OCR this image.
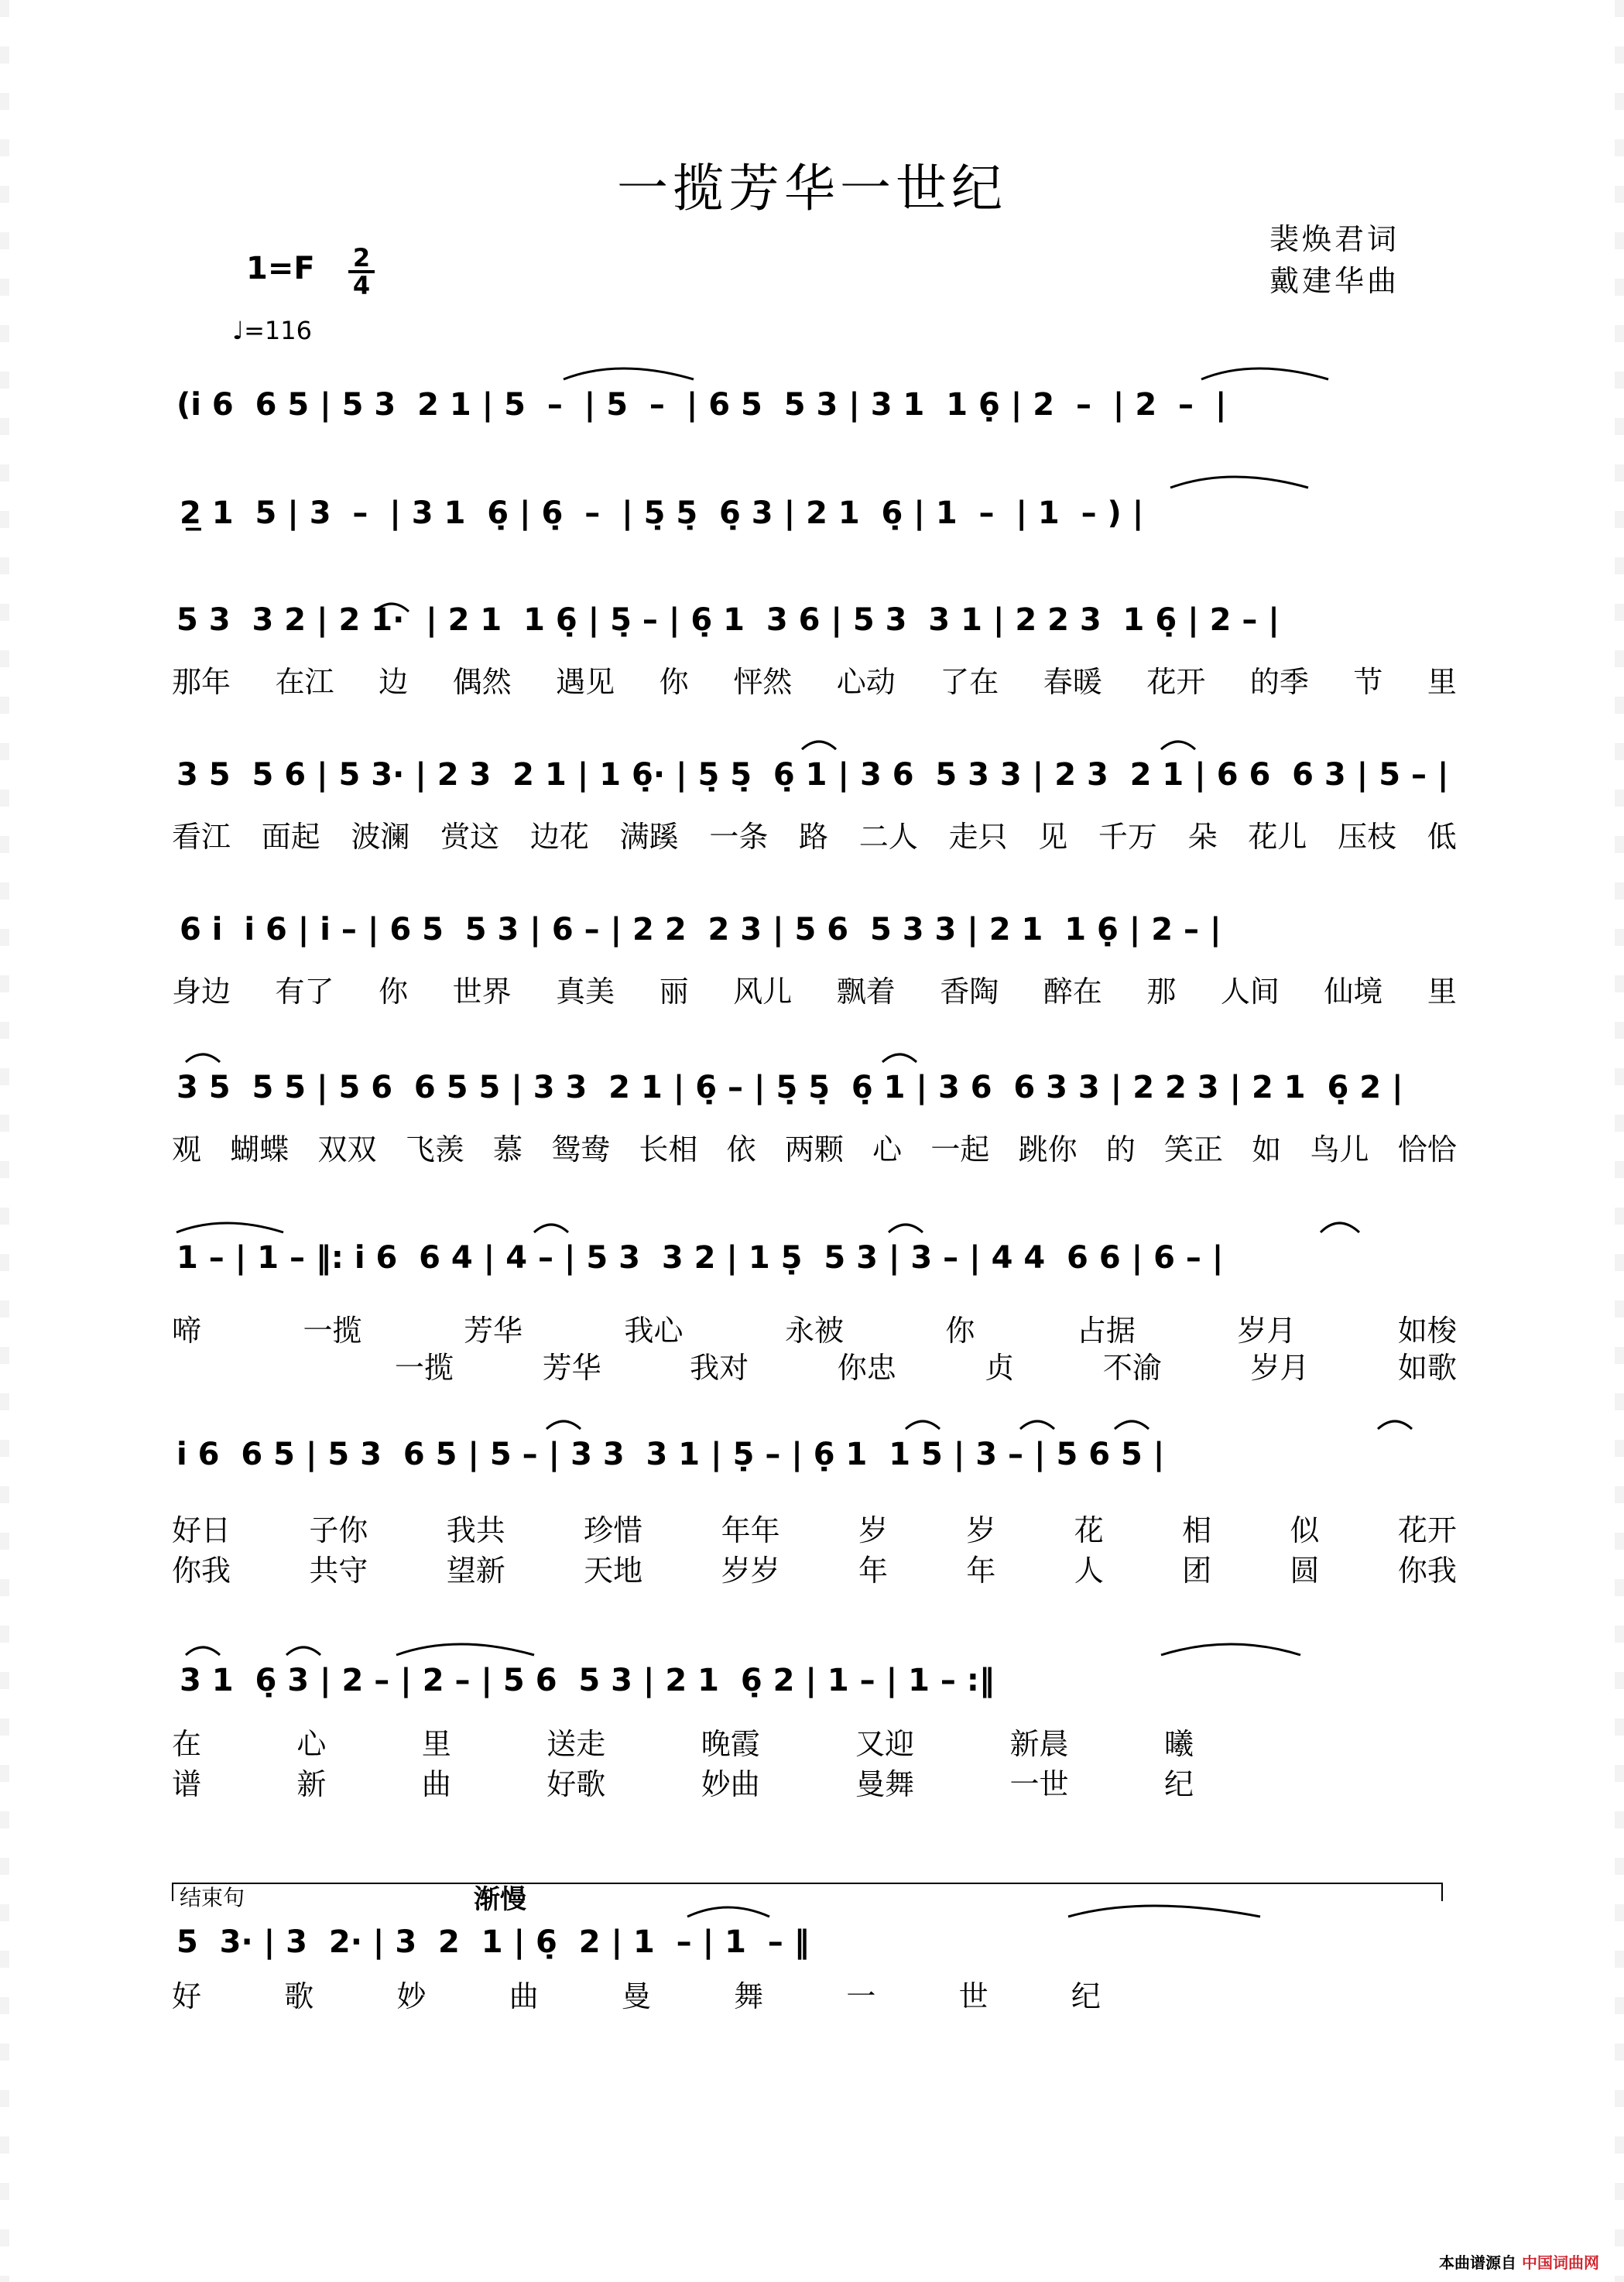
一揽芳华一世纪
裴焕君词
戴建华曲
1=F 2
4
♩=116
(i̇ 6  6 5 | 5 3  2 1 | 5  –  | 5  –  | 6 5  5 3 | 3 1  1 6̣ | 2  –  | 2  –  |
2̲ 1  5 | 3  –  | 3 1  6̣ | 6̣  –  | 5̣ 5̣  6̣ 3 | 2 1  6̣ | 1  –  | 1  – ) |
5 3  3 2 | 2 1·  | 2 1  1 6̣ | 5̣ – | 6̣ 1  3 6 | 5 3  3 1 | 2 2 3  1 6̣ | 2 – |
那年 在江 边 偶然 遇见 你 怦然 心动 了在 春暖 花开 的季 节 里
3 5  5 6 | 5 3· | 2 3  2 1 | 1 6̣· | 5̣ 5̣  6̣ 1 | 3 6  5 3 3 | 2 3  2 1 | 6 6  6 3 | 5 – |
看江 面起 波澜 赏这 边花 满蹊 一条 路 二人 走只 见 千万 朵 花儿 压枝 低
6 i̇  i̇ 6 | i̇ – | 6 5  5 3 | 6 – | 2 2  2 3 | 5 6  5 3 3 | 2 1  1 6̣ | 2 – |
身边 有了 你 世界 真美 丽 风儿 飘着 香陶 醉在 那 人间 仙境 里
3 5  5 5 | 5 6  6 5 5 | 3 3  2 1 | 6̣ – | 5̣ 5̣  6̣ 1 | 3 6  6 3 3 | 2 2 3 | 2 1  6̣ 2 |
观 蝴蝶 双双 飞羡 慕 鸳鸯 长相 依 两颗 心 一起 跳你 的 笑正 如 鸟儿 恰恰
1 – | 1 – ‖: i̇ 6  6 4 | 4 – | 5 3  3 2 | 1 5̣  5 3 | 3 – | 4 4  6 6 | 6 – |
啼	一揽	芳华	我心	永被	你	占据	岁月	如梭
一揽	芳华	我对	你忠	贞	不渝	岁月	如歌
i̇ 6  6 5 | 5 3  6 5 | 5 – | 3 3  3 1 | 5̣ – | 6̣ 1  1 5 | 3 – | 5 6 5 |
好日	子你	我共	珍惜	年年	岁	岁	花	相	似	花开
你我	共守	望新	天地	岁岁	年	年	人	团	圆	你我
3 1  6̣ 3 | 2 – | 2 – | 5 6  5 3 | 2 1  6̣ 2 | 1 – | 1 – :‖
在	心	里	送走	晚霞	又迎	新晨	曦
谱	新	曲	好歌	妙曲	曼舞	一世	纪
结束句	渐慢
5  3· | 3  2· | 3  2  1 | 6̣  2 | 1  – | 1  – ‖
好	歌	妙	曲	曼	舞	一	世	纪
本曲谱源自 中国词曲网
